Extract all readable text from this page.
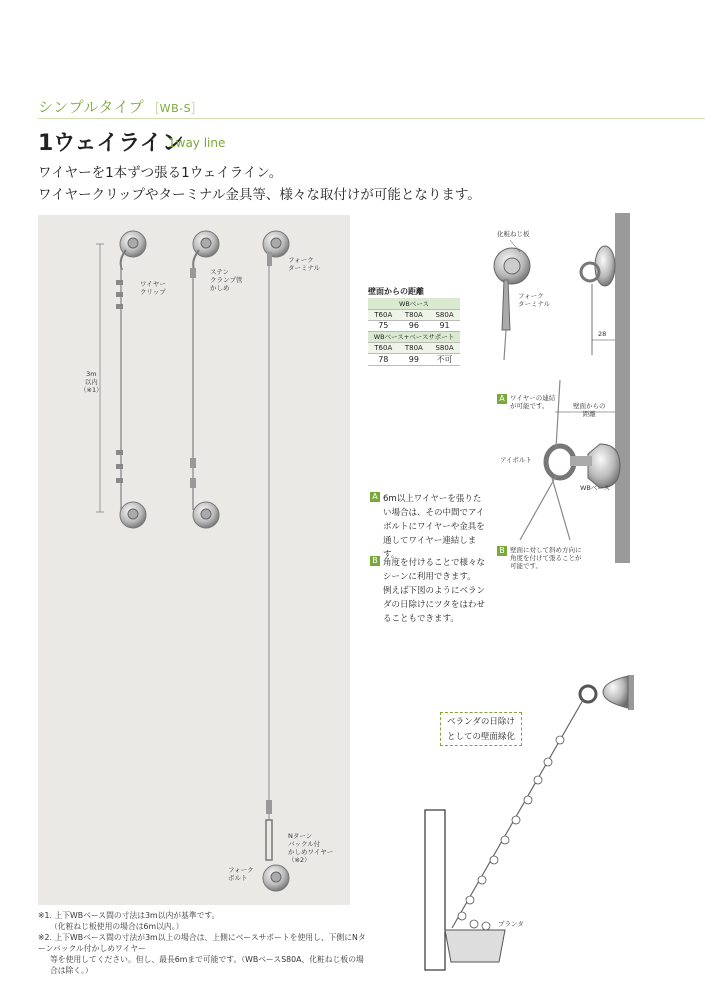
シンプルタイプ ［WB-S］
1ウェイライン
1way line
ワイヤーを1本ずつ張る1ウェイライン。
ワイヤークリップやターミナル金具等、様々な取付けが可能となります。
ワイヤー
クリップ
ステン
クランプ管
かしめ
フォーク
ターミナル
3m
以内
（※1）
Nターン
バックル付
かしめワイヤー
（※2）
フォーク
ボルト
壁面からの距離
WBベース		
T60A	T80A	S80A
75	96	91
WBベース+ベースサポート		
T60A	T80A	S80A
78	99	不可
化粧ねじ板
フォーク
ターミナル
28
A ワイヤーの連結
が可能です。	壁面からの
距離
アイボルト
WBベース
B 壁面に対して斜め方向に
角度を付けて張ることが
可能です。
A 6m以上ワイヤーを張りた
い場合は、その中間でアイ
ボルトにワイヤーや金具を
通してワイヤー連結しま
す。
B 角度を付けることで様々な
シーンに利用できます。
例えば下図のようにベラン
ダの日除けにツタをはわせ
ることもできます。
ベランダの日除け
としての壁面緑化
プランタ
※1. 上下WBベース間の寸法は3m以内が基準です。
（化粧ねじ板使用の場合は6m以内。）
※2. 上下WBベース間の寸法が3m以上の場合は、上側にベースサポートを使用し、下側にNターンバックル付かしめワイヤー
等を使用してください。但し、最長6mまで可能です。（WBベースS80A、化粧ねじ板の場合は除く。）
